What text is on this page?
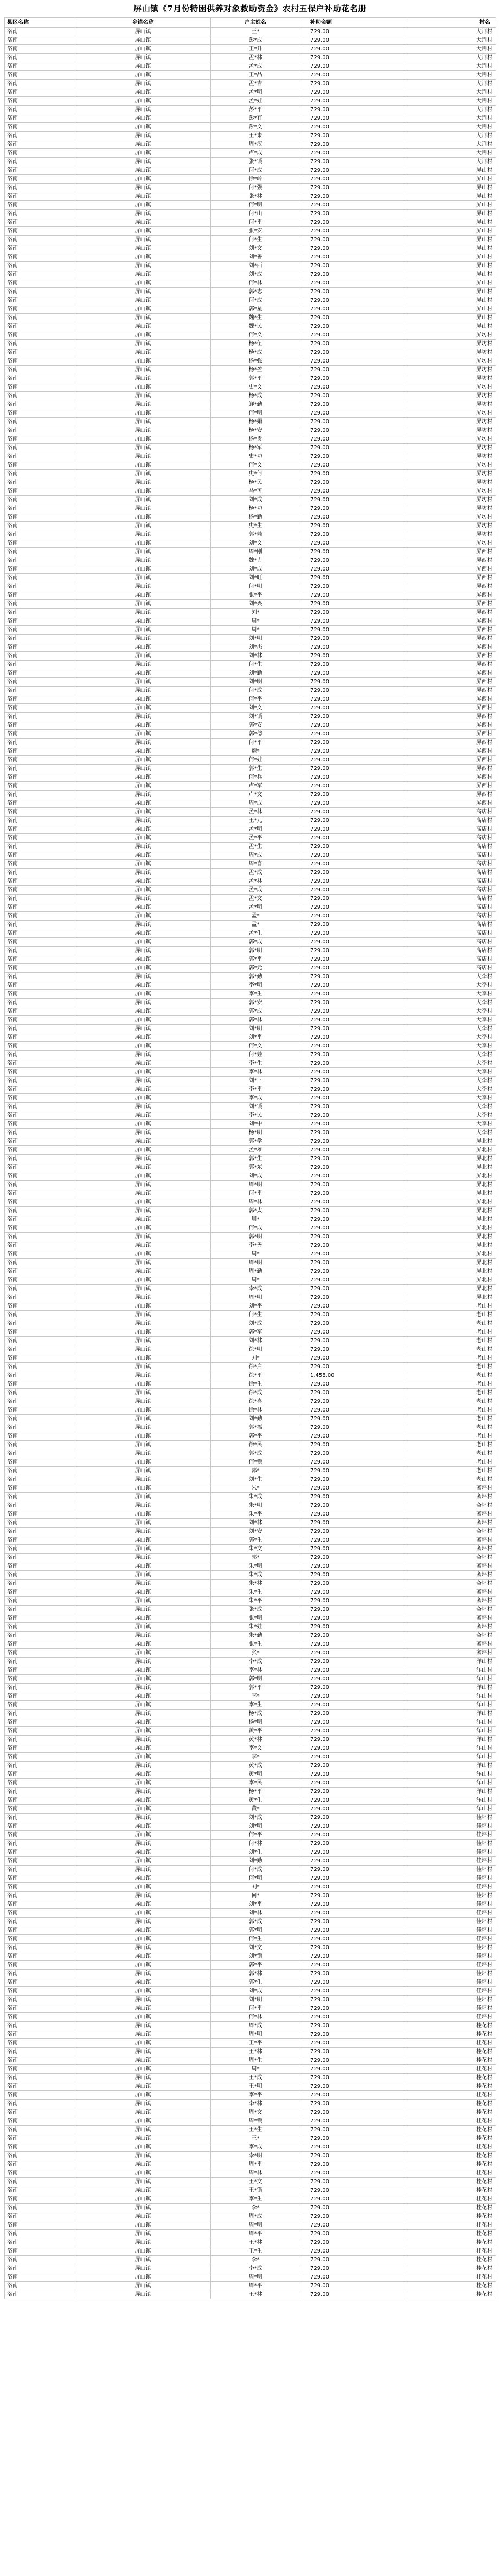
屏山镇《7月份特困供养对象救助资金》农村五保户补助花名册
县区名称	乡镇名称	户主姓名	补助金额	村名
洛南	屏山镇	王*	729.00	大荆村
洛南	屏山镇	彭*成	729.00	大荆村
洛南	屏山镇	王*升	729.00	大荆村
洛南	屏山镇	孟*林	729.00	大荆村
洛南	屏山镇	孟*成	729.00	大荆村
洛南	屏山镇	王*品	729.00	大荆村
洛南	屏山镇	孟*吉	729.00	大荆村
洛南	屏山镇	孟*明	729.00	大荆村
洛南	屏山镇	孟*娃	729.00	大荆村
洛南	屏山镇	彭*平	729.00	大荆村
洛南	屏山镇	彭*有	729.00	大荆村
洛南	屏山镇	彭*文	729.00	大荆村
洛南	屏山镇	王*来	729.00	大荆村
洛南	屏山镇	周*汉	729.00	大荆村
洛南	屏山镇	卢*成	729.00	大荆村
洛南	屏山镇	张*锁	729.00	大荆村
洛南	屏山镇	何*成	729.00	屏山村
洛南	屏山镇	徐*岭	729.00	屏山村
洛南	屏山镇	何*强	729.00	屏山村
洛南	屏山镇	张*林	729.00	屏山村
洛南	屏山镇	何*明	729.00	屏山村
洛南	屏山镇	何*山	729.00	屏山村
洛南	屏山镇	何*平	729.00	屏山村
洛南	屏山镇	张*安	729.00	屏山村
洛南	屏山镇	何*生	729.00	屏山村
洛南	屏山镇	刘*文	729.00	屏山村
洛南	屏山镇	刘*善	729.00	屏山村
洛南	屏山镇	刘*西	729.00	屏山村
洛南	屏山镇	刘*成	729.00	屏山村
洛南	屏山镇	何*林	729.00	屏山村
洛南	屏山镇	郭*志	729.00	屏山村
洛南	屏山镇	何*成	729.00	屏山村
洛南	屏山镇	郭*星	729.00	屏山村
洛南	屏山镇	魏*生	729.00	屏山村
洛南	屏山镇	魏*民	729.00	屏山村
洛南	屏山镇	何*义	729.00	屏坊村
洛南	屏山镇	杨*伍	729.00	屏坊村
洛南	屏山镇	杨*成	729.00	屏坊村
洛南	屏山镇	杨*强	729.00	屏坊村
洛南	屏山镇	杨*盈	729.00	屏坊村
洛南	屏山镇	郭*平	729.00	屏坊村
洛南	屏山镇	史*文	729.00	屏坊村
洛南	屏山镇	杨*成	729.00	屏坊村
洛南	屏山镇	鲜*勤	729.00	屏坊村
洛南	屏山镇	何*明	729.00	屏坊村
洛南	屏山镇	杨*娟	729.00	屏坊村
洛南	屏山镇	杨*安	729.00	屏坊村
洛南	屏山镇	杨*贵	729.00	屏坊村
洛南	屏山镇	杨*军	729.00	屏坊村
洛南	屏山镇	史*功	729.00	屏坊村
洛南	屏山镇	何*文	729.00	屏坊村
洛南	屏山镇	史*何	729.00	屏坊村
洛南	屏山镇	杨*民	729.00	屏坊村
洛南	屏山镇	马*可	729.00	屏坊村
洛南	屏山镇	刘*成	729.00	屏坊村
洛南	屏山镇	杨*功	729.00	屏坊村
洛南	屏山镇	杨*勤	729.00	屏坊村
洛南	屏山镇	史*生	729.00	屏坊村
洛南	屏山镇	郭*娃	729.00	屏坊村
洛南	屏山镇	刘*文	729.00	屏坊村
洛南	屏山镇	周*刚	729.00	屏西村
洛南	屏山镇	魏*力	729.00	屏西村
洛南	屏山镇	刘*成	729.00	屏西村
洛南	屏山镇	刘*旺	729.00	屏西村
洛南	屏山镇	何*明	729.00	屏西村
洛南	屏山镇	张*平	729.00	屏西村
洛南	屏山镇	刘*兴	729.00	屏西村
洛南	屏山镇	刘*	729.00	屏西村
洛南	屏山镇	周*	729.00	屏西村
洛南	屏山镇	周*	729.00	屏西村
洛南	屏山镇	刘*明	729.00	屏西村
洛南	屏山镇	刘*杰	729.00	屏西村
洛南	屏山镇	刘*林	729.00	屏西村
洛南	屏山镇	何*生	729.00	屏西村
洛南	屏山镇	刘*勤	729.00	屏西村
洛南	屏山镇	刘*明	729.00	屏西村
洛南	屏山镇	何*成	729.00	屏西村
洛南	屏山镇	何*平	729.00	屏西村
洛南	屏山镇	刘*文	729.00	屏西村
洛南	屏山镇	刘*锁	729.00	屏西村
洛南	屏山镇	郭*安	729.00	屏西村
洛南	屏山镇	郭*德	729.00	屏西村
洛南	屏山镇	何*平	729.00	屏西村
洛南	屏山镇	魏*	729.00	屏西村
洛南	屏山镇	何*娃	729.00	屏西村
洛南	屏山镇	郭*生	729.00	屏西村
洛南	屏山镇	何*兵	729.00	屏西村
洛南	屏山镇	卢*军	729.00	屏西村
洛南	屏山镇	卢*文	729.00	屏西村
洛南	屏山镇	周*成	729.00	屏西村
洛南	屏山镇	孟*林	729.00	高店村
洛南	屏山镇	王*元	729.00	高店村
洛南	屏山镇	孟*明	729.00	高店村
洛南	屏山镇	孟*平	729.00	高店村
洛南	屏山镇	孟*生	729.00	高店村
洛南	屏山镇	周*成	729.00	高店村
洛南	屏山镇	周*喜	729.00	高店村
洛南	屏山镇	孟*成	729.00	高店村
洛南	屏山镇	孟*林	729.00	高店村
洛南	屏山镇	孟*成	729.00	高店村
洛南	屏山镇	孟*文	729.00	高店村
洛南	屏山镇	孟*明	729.00	高店村
洛南	屏山镇	孟*	729.00	高店村
洛南	屏山镇	孟*	729.00	高店村
洛南	屏山镇	孟*生	729.00	高店村
洛南	屏山镇	郭*成	729.00	高店村
洛南	屏山镇	郭*明	729.00	高店村
洛南	屏山镇	郭*平	729.00	高店村
洛南	屏山镇	郭*元	729.00	高店村
洛南	屏山镇	郭*勤	729.00	大李村
洛南	屏山镇	李*明	729.00	大李村
洛南	屏山镇	李*生	729.00	大李村
洛南	屏山镇	郭*安	729.00	大李村
洛南	屏山镇	郭*成	729.00	大李村
洛南	屏山镇	郭*林	729.00	大李村
洛南	屏山镇	刘*明	729.00	大李村
洛南	屏山镇	刘*平	729.00	大李村
洛南	屏山镇	何*文	729.00	大李村
洛南	屏山镇	何*娃	729.00	大李村
洛南	屏山镇	李*生	729.00	大李村
洛南	屏山镇	李*林	729.00	大李村
洛南	屏山镇	刘*三	729.00	大李村
洛南	屏山镇	李*平	729.00	大李村
洛南	屏山镇	李*成	729.00	大李村
洛南	屏山镇	刘*锁	729.00	大李村
洛南	屏山镇	李*民	729.00	大李村
洛南	屏山镇	刘*中	729.00	大李村
洛南	屏山镇	杨*明	729.00	大李村
洛南	屏山镇	郭*学	729.00	屏北村
洛南	屏山镇	孟*雄	729.00	屏北村
洛南	屏山镇	郭*生	729.00	屏北村
洛南	屏山镇	郭*东	729.00	屏北村
洛南	屏山镇	刘*成	729.00	屏北村
洛南	屏山镇	周*明	729.00	屏北村
洛南	屏山镇	何*平	729.00	屏北村
洛南	屏山镇	周*林	729.00	屏北村
洛南	屏山镇	郭*太	729.00	屏北村
洛南	屏山镇	周*	729.00	屏北村
洛南	屏山镇	何*成	729.00	屏北村
洛南	屏山镇	郭*明	729.00	屏北村
洛南	屏山镇	李*善	729.00	屏北村
洛南	屏山镇	周*	729.00	屏北村
洛南	屏山镇	周*明	729.00	屏北村
洛南	屏山镇	周*勤	729.00	屏北村
洛南	屏山镇	周*	729.00	屏北村
洛南	屏山镇	李*成	729.00	屏北村
洛南	屏山镇	周*明	729.00	屏北村
洛南	屏山镇	刘*平	729.00	老山村
洛南	屏山镇	何*生	729.00	老山村
洛南	屏山镇	刘*成	729.00	老山村
洛南	屏山镇	郭*军	729.00	老山村
洛南	屏山镇	刘*林	729.00	老山村
洛南	屏山镇	徐*明	729.00	老山村
洛南	屏山镇	刘*	729.00	老山村
洛南	屏山镇	徐*户	729.00	老山村
洛南	屏山镇	徐*平	1,458.00	老山村
洛南	屏山镇	徐*生	729.00	老山村
洛南	屏山镇	徐*成	729.00	老山村
洛南	屏山镇	徐*喜	729.00	老山村
洛南	屏山镇	徐*林	729.00	老山村
洛南	屏山镇	刘*勤	729.00	老山村
洛南	屏山镇	郭*福	729.00	老山村
洛南	屏山镇	郭*平	729.00	老山村
洛南	屏山镇	徐*民	729.00	老山村
洛南	屏山镇	郭*成	729.00	老山村
洛南	屏山镇	何*锁	729.00	老山村
洛南	屏山镇	郭*	729.00	老山村
洛南	屏山镇	刘*生	729.00	老山村
洛南	屏山镇	朱*	729.00	斋坪村
洛南	屏山镇	朱*成	729.00	斋坪村
洛南	屏山镇	朱*明	729.00	斋坪村
洛南	屏山镇	朱*平	729.00	斋坪村
洛南	屏山镇	刘*林	729.00	斋坪村
洛南	屏山镇	刘*安	729.00	斋坪村
洛南	屏山镇	郭*生	729.00	斋坪村
洛南	屏山镇	朱*文	729.00	斋坪村
洛南	屏山镇	郭*	729.00	斋坪村
洛南	屏山镇	朱*明	729.00	斋坪村
洛南	屏山镇	朱*成	729.00	斋坪村
洛南	屏山镇	朱*林	729.00	斋坪村
洛南	屏山镇	朱*生	729.00	斋坪村
洛南	屏山镇	朱*平	729.00	斋坪村
洛南	屏山镇	张*成	729.00	斋坪村
洛南	屏山镇	张*明	729.00	斋坪村
洛南	屏山镇	朱*娃	729.00	斋坪村
洛南	屏山镇	朱*勤	729.00	斋坪村
洛南	屏山镇	张*生	729.00	斋坪村
洛南	屏山镇	张*	729.00	斋坪村
洛南	屏山镇	李*成	729.00	洋山村
洛南	屏山镇	李*林	729.00	洋山村
洛南	屏山镇	郭*明	729.00	洋山村
洛南	屏山镇	郭*平	729.00	洋山村
洛南	屏山镇	李*	729.00	洋山村
洛南	屏山镇	李*生	729.00	洋山村
洛南	屏山镇	杨*成	729.00	洋山村
洛南	屏山镇	杨*明	729.00	洋山村
洛南	屏山镇	黄*平	729.00	洋山村
洛南	屏山镇	黄*林	729.00	洋山村
洛南	屏山镇	李*文	729.00	洋山村
洛南	屏山镇	李*	729.00	洋山村
洛南	屏山镇	黄*成	729.00	洋山村
洛南	屏山镇	黄*明	729.00	洋山村
洛南	屏山镇	李*民	729.00	洋山村
洛南	屏山镇	杨*平	729.00	洋山村
洛南	屏山镇	黄*生	729.00	洋山村
洛南	屏山镇	黄*	729.00	洋山村
洛南	屏山镇	刘*成	729.00	佳坪村
洛南	屏山镇	刘*明	729.00	佳坪村
洛南	屏山镇	何*平	729.00	佳坪村
洛南	屏山镇	何*林	729.00	佳坪村
洛南	屏山镇	刘*生	729.00	佳坪村
洛南	屏山镇	刘*勤	729.00	佳坪村
洛南	屏山镇	何*成	729.00	佳坪村
洛南	屏山镇	何*明	729.00	佳坪村
洛南	屏山镇	刘*	729.00	佳坪村
洛南	屏山镇	何*	729.00	佳坪村
洛南	屏山镇	刘*平	729.00	佳坪村
洛南	屏山镇	刘*林	729.00	佳坪村
洛南	屏山镇	郭*成	729.00	佳坪村
洛南	屏山镇	郭*明	729.00	佳坪村
洛南	屏山镇	何*生	729.00	佳坪村
洛南	屏山镇	刘*文	729.00	佳坪村
洛南	屏山镇	刘*锁	729.00	佳坪村
洛南	屏山镇	郭*平	729.00	佳坪村
洛南	屏山镇	郭*林	729.00	佳坪村
洛南	屏山镇	郭*生	729.00	佳坪村
洛南	屏山镇	刘*成	729.00	佳坪村
洛南	屏山镇	刘*明	729.00	佳坪村
洛南	屏山镇	何*平	729.00	佳坪村
洛南	屏山镇	何*林	729.00	佳坪村
洛南	屏山镇	周*成	729.00	桂花村
洛南	屏山镇	周*明	729.00	桂花村
洛南	屏山镇	王*平	729.00	桂花村
洛南	屏山镇	王*林	729.00	桂花村
洛南	屏山镇	周*生	729.00	桂花村
洛南	屏山镇	周*	729.00	桂花村
洛南	屏山镇	王*成	729.00	桂花村
洛南	屏山镇	王*明	729.00	桂花村
洛南	屏山镇	李*平	729.00	桂花村
洛南	屏山镇	李*林	729.00	桂花村
洛南	屏山镇	周*文	729.00	桂花村
洛南	屏山镇	周*锁	729.00	桂花村
洛南	屏山镇	王*生	729.00	桂花村
洛南	屏山镇	王*	729.00	桂花村
洛南	屏山镇	李*成	729.00	桂花村
洛南	屏山镇	李*明	729.00	桂花村
洛南	屏山镇	周*平	729.00	桂花村
洛南	屏山镇	周*林	729.00	桂花村
洛南	屏山镇	王*文	729.00	桂花村
洛南	屏山镇	王*锁	729.00	桂花村
洛南	屏山镇	李*生	729.00	桂花村
洛南	屏山镇	李*	729.00	桂花村
洛南	屏山镇	周*成	729.00	桂花村
洛南	屏山镇	周*明	729.00	桂花村
洛南	屏山镇	周*平	729.00	桂花村
洛南	屏山镇	王*林	729.00	桂花村
洛南	屏山镇	王*生	729.00	桂花村
洛南	屏山镇	李*	729.00	桂花村
洛南	屏山镇	李*成	729.00	桂花村
洛南	屏山镇	周*明	729.00	桂花村
洛南	屏山镇	周*平	729.00	桂花村
洛南	屏山镇	王*林	729.00	桂花村
